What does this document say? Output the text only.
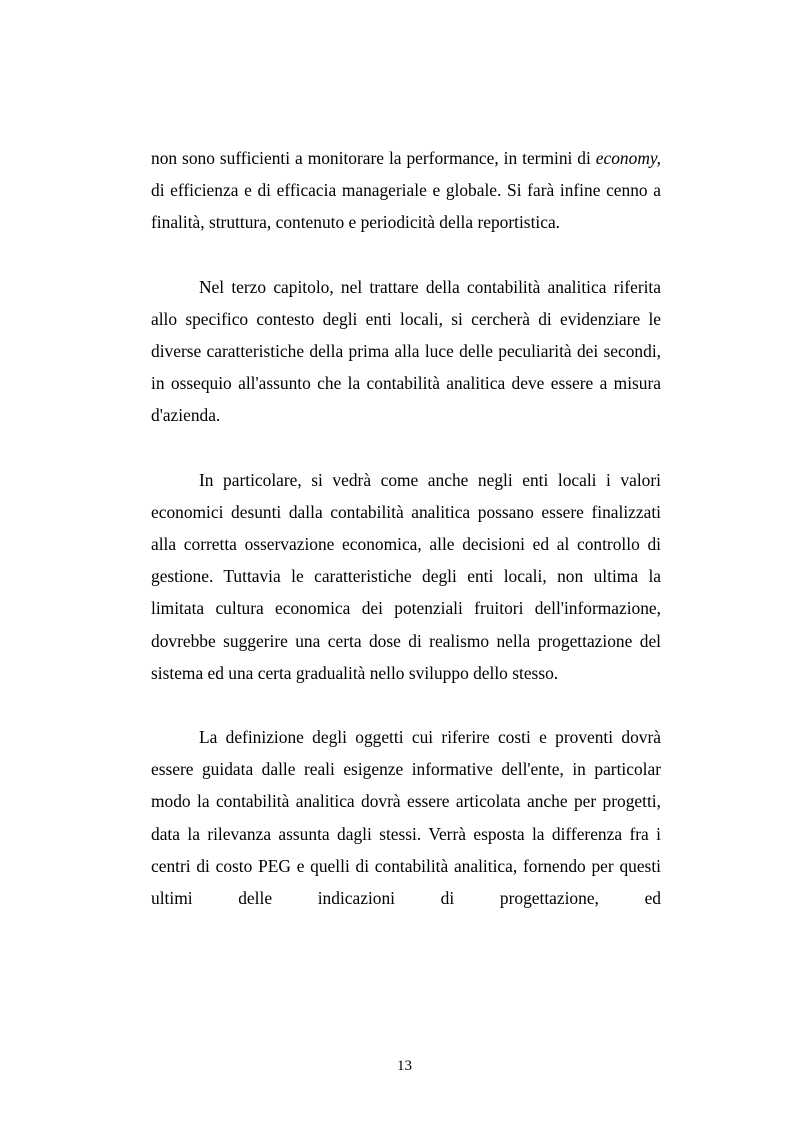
non sono sufficienti a monitorare la performance, in termini di economy, di efficienza e di efficacia manageriale e globale. Si farà infine cenno a finalità, struttura, contenuto e periodicità della reportistica.

Nel terzo capitolo, nel trattare della contabilità analitica riferita allo specifico contesto degli enti locali, si cercherà di evidenziare le diverse caratteristiche della prima alla luce delle peculiarità dei secondi, in ossequio all'assunto che la contabilità analitica deve essere a misura d'azienda.

In particolare, si vedrà come anche negli enti locali i valori economici desunti dalla contabilità analitica possano essere finalizzati alla corretta osservazione economica, alle decisioni ed al controllo di gestione. Tuttavia le caratteristiche degli enti locali, non ultima la limitata cultura economica dei potenziali fruitori dell'informazione, dovrebbe suggerire una certa dose di realismo nella progettazione del sistema ed una certa gradualità nello sviluppo dello stesso.

La definizione degli oggetti cui riferire costi e proventi dovrà essere guidata dalle reali esigenze informative dell'ente, in particolar modo la contabilità analitica dovrà essere articolata anche per progetti, data la rilevanza assunta dagli stessi. Verrà esposta la differenza fra i centri di costo PEG e quelli di contabilità analitica, fornendo per questi ultimi delle indicazioni di progettazione, ed

13
